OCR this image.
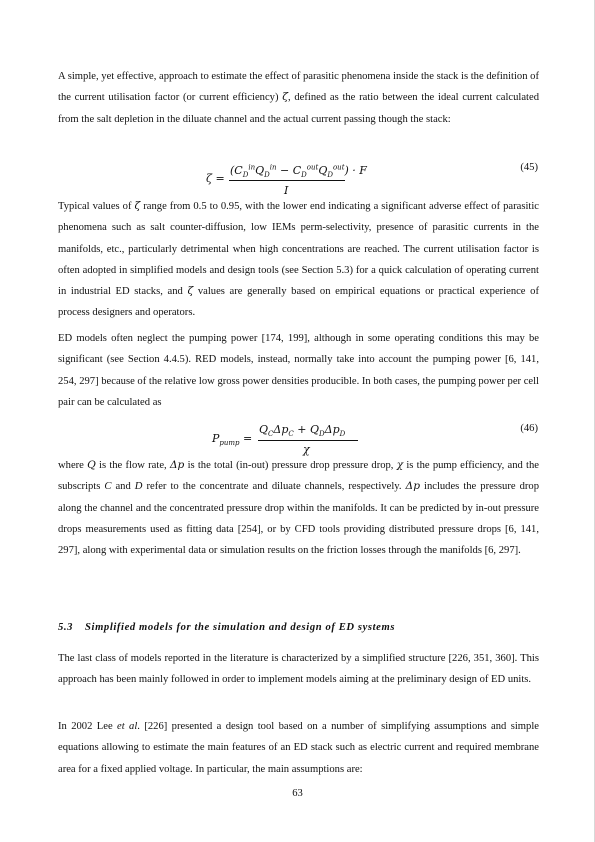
A simple, yet effective, approach to estimate the effect of parasitic phenomena inside the stack is the definition of the current utilisation factor (or current efficiency) ζ, defined as the ratio between the ideal current calculated from the salt depletion in the diluate channel and the actual current passing though the stack:

ζ =
$(C_D^{in}Q_D^{in} - C_D^{out}Q_D^{out}) \cdot F$
I
(45)

Typical values of ζ range from 0.5 to 0.95, with the lower end indicating a significant adverse effect of parasitic phenomena such as salt counter-diffusion, low IEMs perm-selectivity, presence of parasitic currents in the manifolds, etc., particularly detrimental when high concentrations are reached. The current utilisation factor is often adopted in simplified models and design tools (see Section 5.3) for a quick calculation of operating current in industrial ED stacks, and ζ values are generally based on empirical equations or practical experience of process designers and operators.

ED models often neglect the pumping power [174, 199], although in some operating conditions this may be significant (see Section 4.4.5). RED models, instead, normally take into account the pumping power [6, 141, 254, 297] because of the relative low gross power densities producible. In both cases, the pumping power per cell pair can be calculated as

$P_{pump}$ =
$Q_C\Delta p_C + Q_D\Delta p_D$
χ
(46)

where Q is the flow rate, Δp is the total (in-out) pressure drop pressure drop, χ is the pump efficiency, and the subscripts C and D refer to the concentrate and diluate channels, respectively. Δp includes the pressure drop along the channel and the concentrated pressure drop within the manifolds. It can be predicted by in-out pressure drops measurements used as fitting data [254], or by CFD tools providing distributed pressure drops [6, 141, 297], along with experimental data or simulation results on the friction losses through the manifolds [6, 297].

5.3 Simplified models for the simulation and design of ED systems

The last class of models reported in the literature is characterized by a simplified structure [226, 351, 360]. This approach has been mainly followed in order to implement models aiming at the preliminary design of ED units.

In 2002 Lee et al. [226] presented a design tool based on a number of simplifying assumptions and simple equations allowing to estimate the main features of an ED stack such as electric current and required membrane area for a fixed applied voltage. In particular, the main assumptions are:

63
